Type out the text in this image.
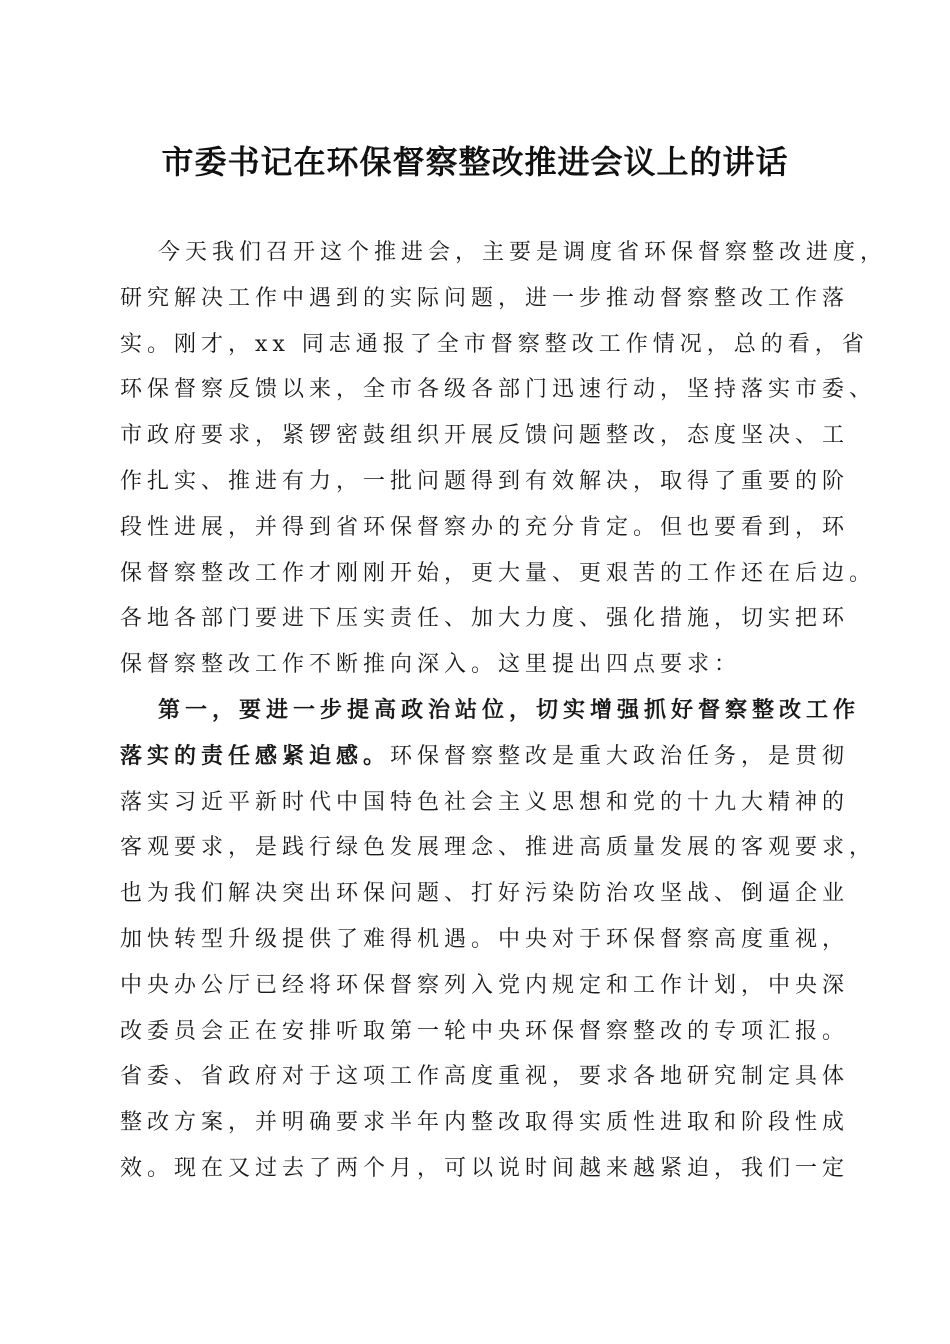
市委书记在环保督察整改推进会议上的讲话
今天我们召开这个推进会，主要是调度省环保督察整改进度，
研究解决工作中遇到的实际问题，进一步推动督察整改工作落
实。刚才，xx 同志通报了全市督察整改工作情况，总的看，省
环保督察反馈以来，全市各级各部门迅速行动，坚持落实市委、
市政府要求，紧锣密鼓组织开展反馈问题整改，态度坚决、工
作扎实、推进有力，一批问题得到有效解决，取得了重要的阶
段性进展，并得到省环保督察办的充分肯定。但也要看到，环
保督察整改工作才刚刚开始，更大量、更艰苦的工作还在后边。
各地各部门要进下压实责任、加大力度、强化措施，切实把环
保督察整改工作不断推向深入。这里提出四点要求：
第一，要进一步提高政治站位，切实增强抓好督察整改工作
落实的责任感紧迫感。环保督察整改是重大政治任务，是贯彻
落实习近平新时代中国特色社会主义思想和党的十九大精神的
客观要求，是践行绿色发展理念、推进高质量发展的客观要求，
也为我们解决突出环保问题、打好污染防治攻坚战、倒逼企业
加快转型升级提供了难得机遇。中央对于环保督察高度重视，
中央办公厅已经将环保督察列入党内规定和工作计划，中央深
改委员会正在安排听取第一轮中央环保督察整改的专项汇报。
省委、省政府对于这项工作高度重视，要求各地研究制定具体
整改方案，并明确要求半年内整改取得实质性进取和阶段性成
效。现在又过去了两个月，可以说时间越来越紧迫，我们一定
